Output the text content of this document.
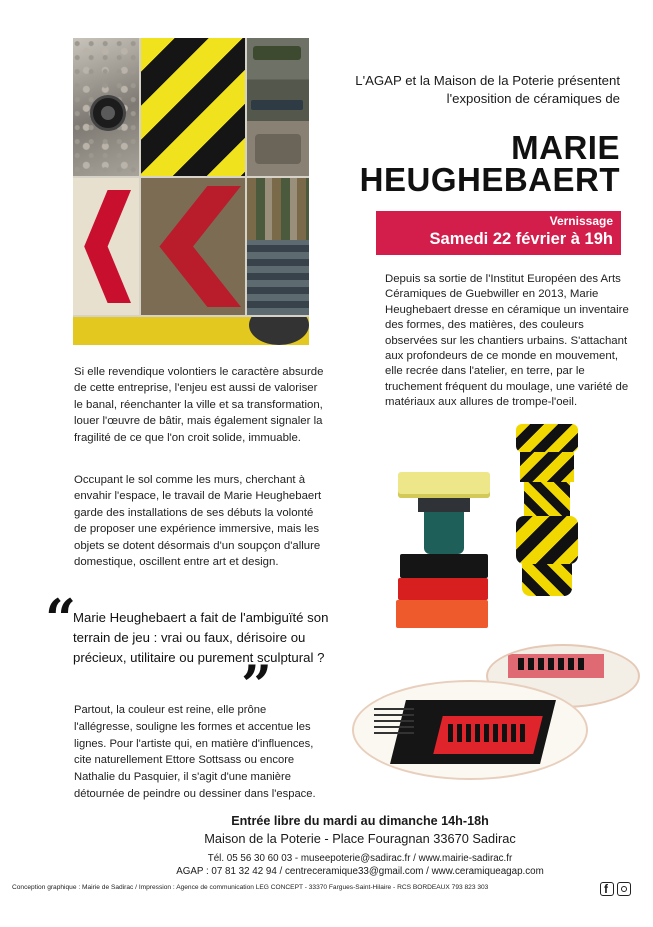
L'AGAP et la Maison de la Poterie présentent
l'exposition de céramiques de
MARIE
HEUGHEBAERT
Vernissage
Samedi 22 février à 19h
Depuis sa sortie de l'Institut Européen des Arts Céramiques de Guebwiller en 2013, Marie Heughebaert dresse en céramique un inventaire des formes, des matières, des couleurs observées sur les chantiers urbains. S'attachant aux profondeurs de ce monde en mouvement, elle recrée dans l'atelier, en terre, par le truchement fréquent du moulage, une variété de matériaux aux allures de trompe-l'oeil.
Si elle revendique volontiers le caractère absurde de cette entreprise, l'enjeu est aussi de valoriser le banal, réenchanter la ville et sa transformation, louer l'œuvre de bâtir, mais également signaler la fragilité de ce que l'on croit solide, immuable.
Occupant le sol comme les murs, cherchant à envahir l'espace, le travail de Marie Heughebaert garde des installations de ses débuts la volonté de proposer une expérience immersive, mais les objets se dotent désormais d'un soupçon d'allure domestique, oscillent entre art et design.
“
Marie Heughebaert a fait de l'ambiguïté son terrain de jeu : vrai ou faux, dérisoire ou précieux, utilitaire ou purement sculptural ?
”
Partout, la couleur est reine, elle prône l'allégresse, souligne les formes et accentue les lignes. Pour l'artiste qui, en matière d'influences, cite naturellement Ettore Sottsass ou encore Nathalie du Pasquier, il s'agit d'une manière détournée de peindre ou dessiner dans l'espace.
Entrée libre du mardi au dimanche 14h-18h
Maison de la Poterie - Place Fouragnan 33670 Sadirac
Tél. 05 56 30 60 03 - museepoterie@sadirac.fr / www.mairie-sadirac.fr
AGAP : 07 81 32 42 94 / centreceramique33@gmail.com / www.ceramiqueagap.com
Conception graphique : Mairie de Sadirac / Impression : Agence de communication LEG CONCEPT - 33370 Fargues-Saint-Hilaire - RCS BORDEAUX 793 823 303	f
